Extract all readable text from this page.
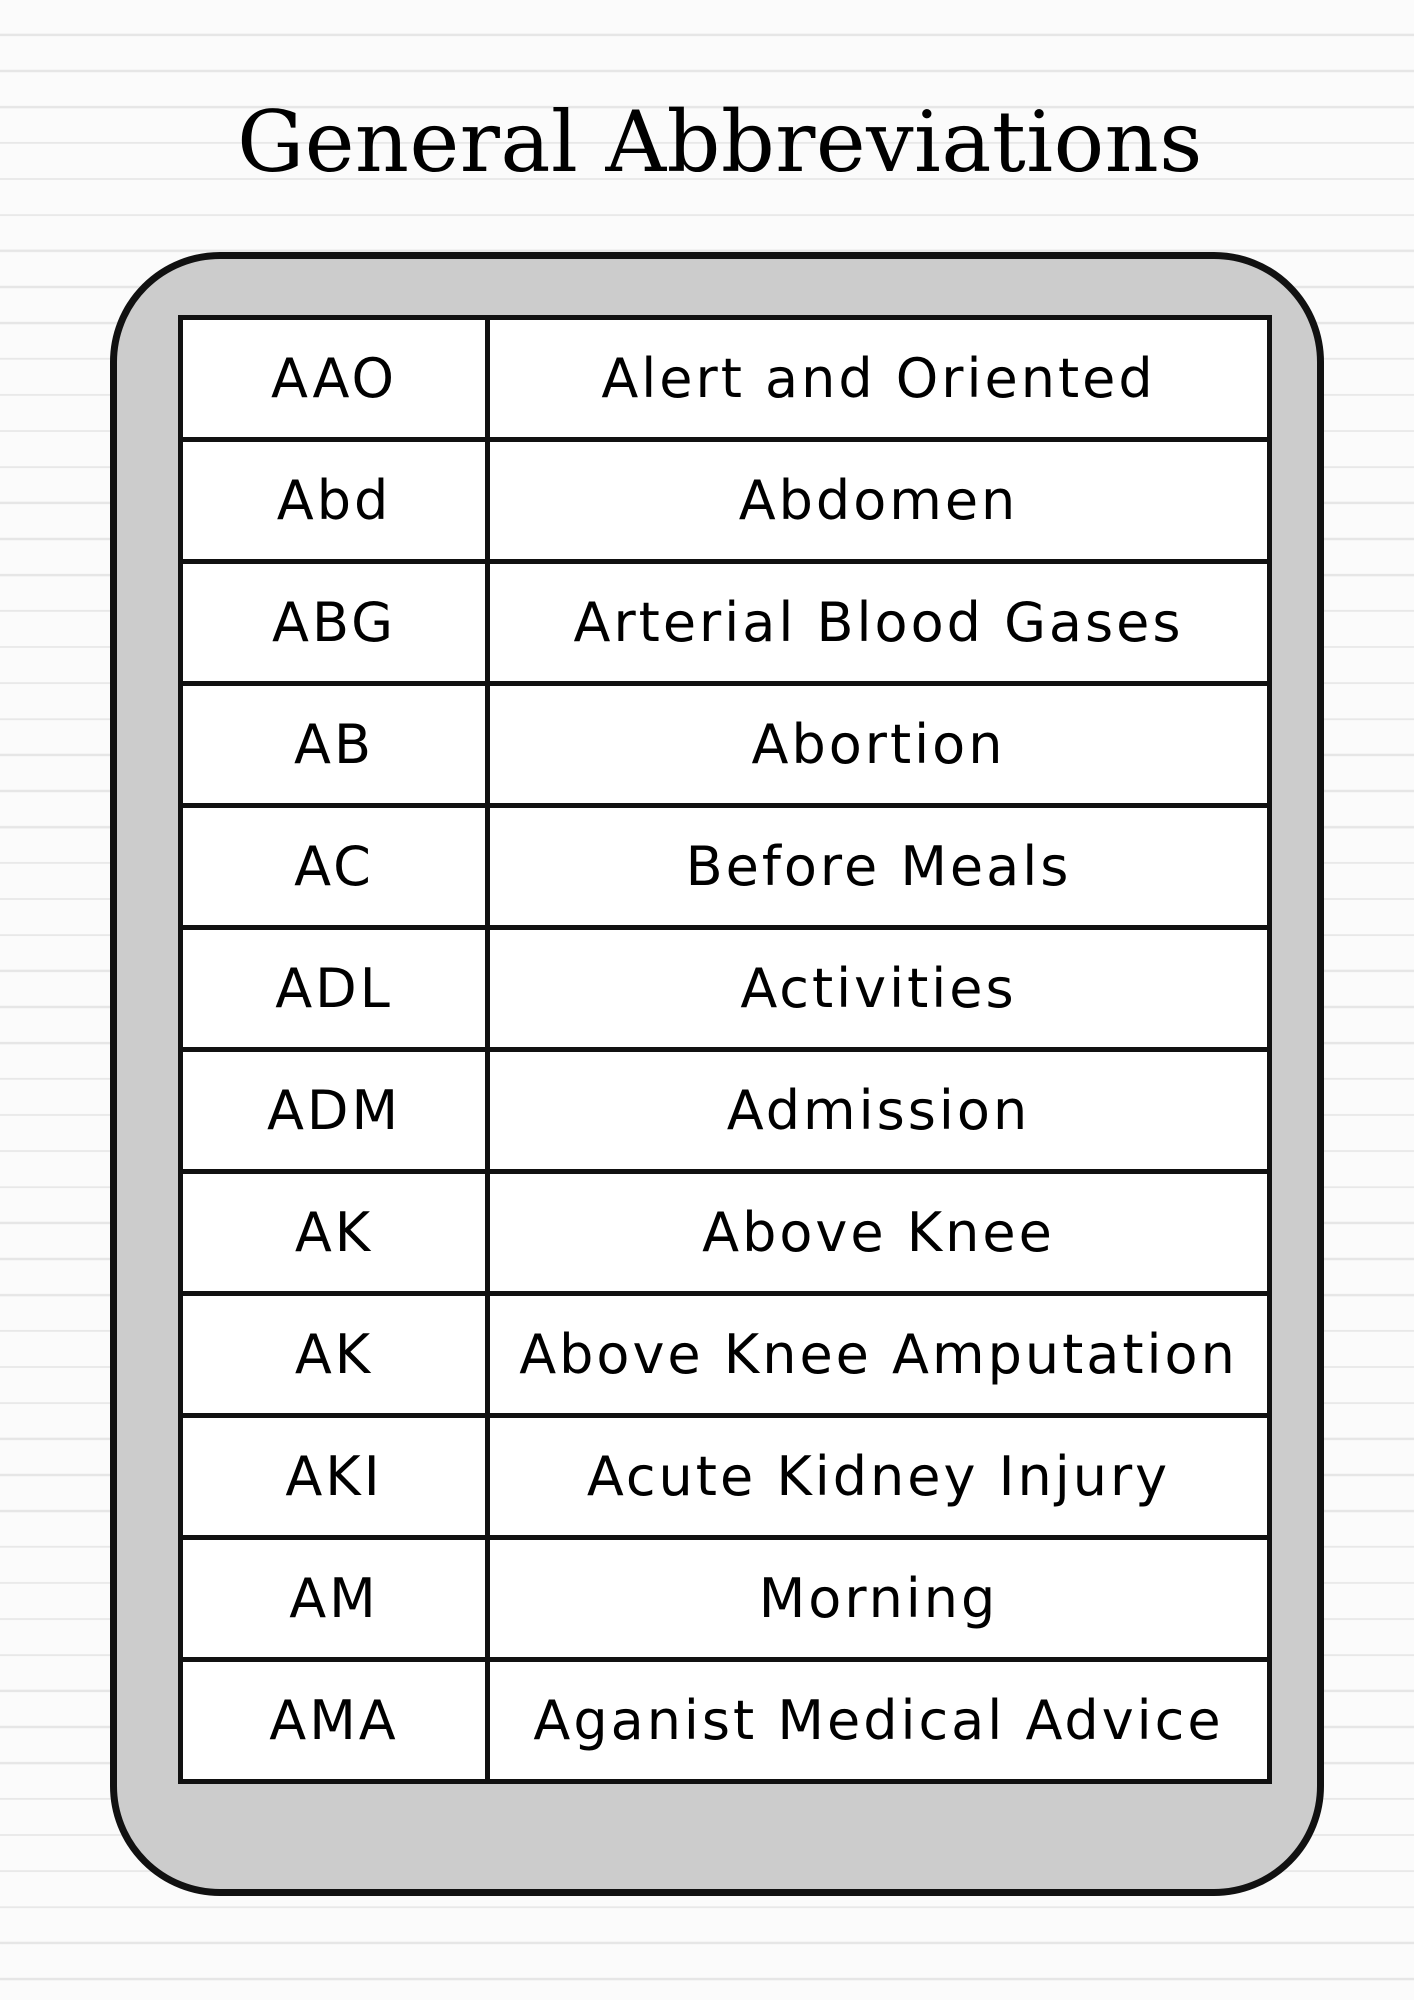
General Abbreviations
AAO	Alert and Oriented
Abd	Abdomen
ABG	Arterial Blood Gases
AB	Abortion
AC	Before Meals
ADL	Activities
ADM	Admission
AK	Above Knee
AK	Above Knee Amputation
AKI	Acute Kidney Injury
AM	Morning
AMA	Aganist Medical Advice
